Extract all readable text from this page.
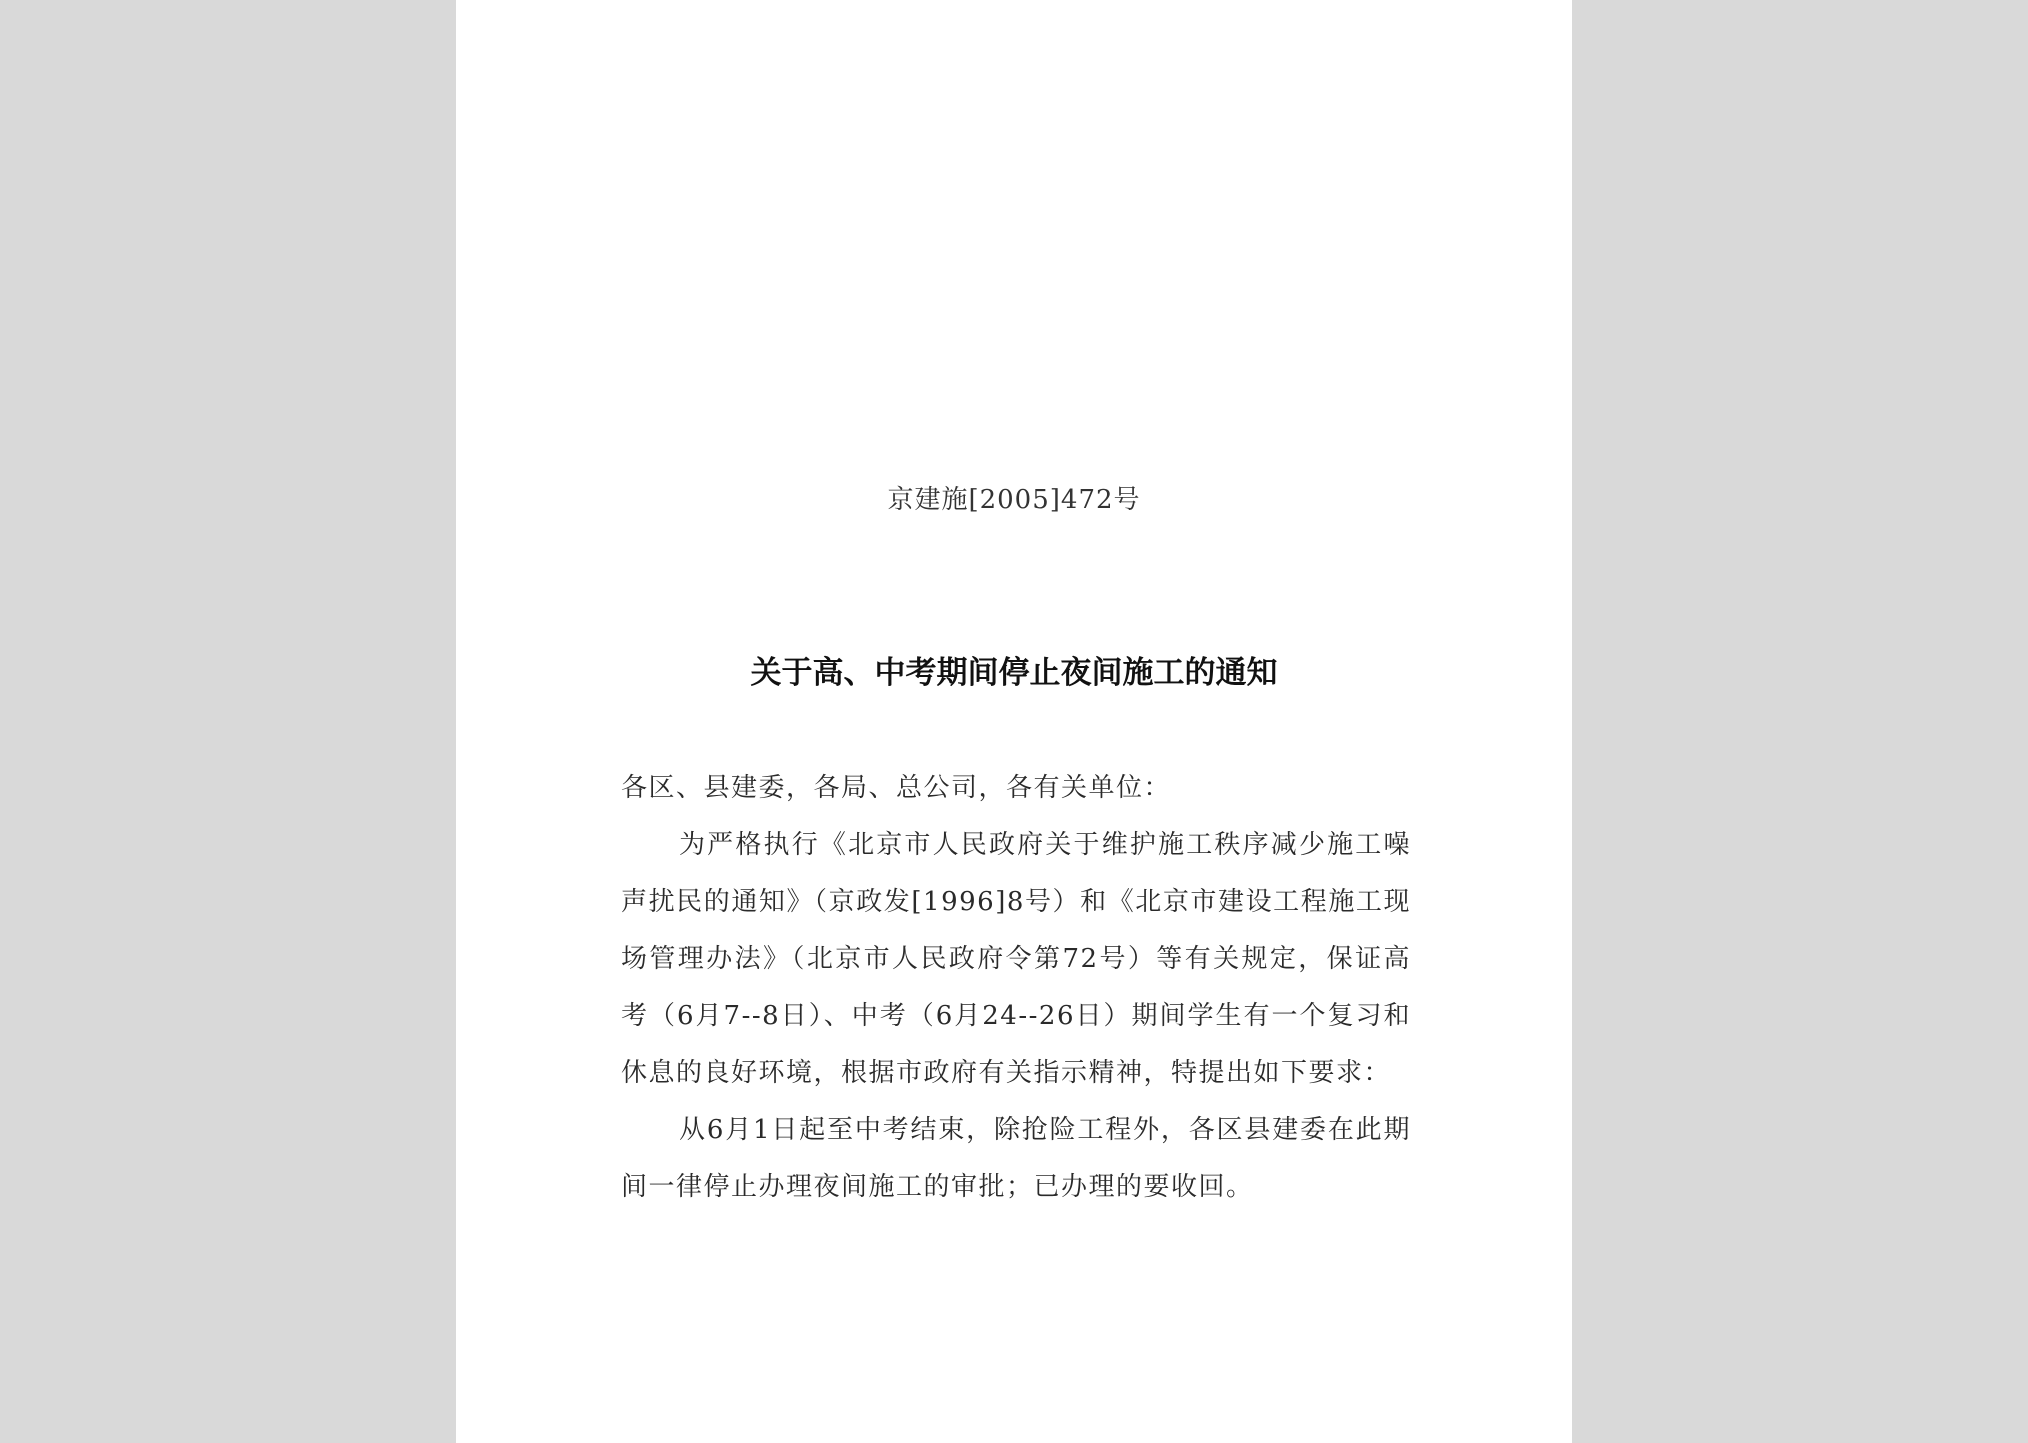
京建施[2005]472号
关于高、中考期间停止夜间施工的通知

各区、县建委，各局、总公司，各有关单位：

为严格执行《北京市人民政府关于维护施工秩序减少施工噪声扰民的通知》（京政发[1996]8号）和《北京市建设工程施工现场管理办法》（北京市人民政府令第72号）等有关规定，保证高考（6月7--8日）、中考（6月24--26日）期间学生有一个复习和休息的良好环境，根据市政府有关指示精神，特提出如下要求：

从6月1日起至中考结束，除抢险工程外，各区县建委在此期间一律停止办理夜间施工的审批；已办理的要收回。
